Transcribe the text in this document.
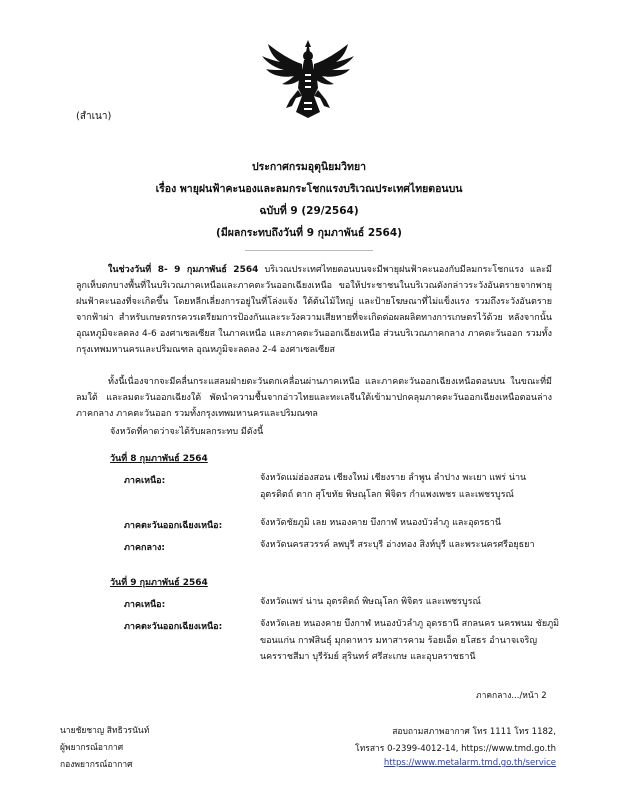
(สำเนา)
ประกาศกรมอุตุนิยมวิทยา
เรื่อง พายุฝนฟ้าคะนองและลมกระโชกแรงบริเวณประเทศไทยตอนบน
ฉบับที่ 9 (29/2564)
(มีผลกระทบถึงวันที่ 9 กุมภาพันธ์ 2564)
ในช่วงวันที่ 8- 9 กุมภาพันธ์ 2564 บริเวณประเทศไทยตอนบนจะมีพายุฝนฟ้าคะนองกับมีลมกระโชกแรง และมีลูกเห็บตกบางพื้นที่ในบริเวณภาคเหนือและภาคตะวันออกเฉียงเหนือ ขอให้ประชาชนในบริเวณดังกล่าวระวังอันตรายจากพายุฝนฟ้าคะนองที่จะเกิดขึ้น โดยหลีกเลี่ยงการอยู่ในที่โล่งแจ้ง ใต้ต้นไม้ใหญ่ และป้ายโฆษณาที่ไม่แข็งแรง รวมถึงระวังอันตรายจากฟ้าผ่า สำหรับเกษตรกรควรเตรียมการป้องกันและระวังความเสียหายที่จะเกิดต่อผลผลิตทางการเกษตรไว้ด้วย หลังจากนั้นอุณหภูมิจะลดลง 4-6 องศาเซลเซียส ในภาคเหนือ และภาคตะวันออกเฉียงเหนือ ส่วนบริเวณภาคกลาง ภาคตะวันออก รวมทั้งกรุงเทพมหานครและปริมณฑล อุณหภูมิจะลดลง 2-4 องศาเซลเซียส
ทั้งนี้เนื่องจากจะมีคลื่นกระแสลมฝ่ายตะวันตกเคลื่อนผ่านภาคเหนือ และภาคตะวันออกเฉียงเหนือตอนบน ในขณะที่มีลมใต้ และลมตะวันออกเฉียงใต้ พัดนำความชื้นจากอ่าวไทยและทะเลจีนใต้เข้ามาปกคลุมภาคตะวันออกเฉียงเหนือตอนล่าง ภาคกลาง ภาคตะวันออก รวมทั้งกรุงเทพมหานครและปริมณฑล
จังหวัดที่คาดว่าจะได้รับผลกระทบ มีดังนี้
วันที่ 8 กุมภาพันธ์ 2564
ภาคเหนือ:	จังหวัดแม่ฮ่องสอน เชียงใหม่ เชียงราย ลำพูน ลำปาง พะเยา แพร่ น่าน อุตรดิตถ์ ตาก สุโขทัย พิษณุโลก พิจิตร กำแพงเพชร และเพชรบูรณ์
ภาคตะวันออกเฉียงเหนือ:	จังหวัดชัยภูมิ เลย หนองคาย บึงกาฬ หนองบัวลำภู และอุดรธานี
ภาคกลาง:	จังหวัดนครสวรรค์ ลพบุรี สระบุรี อ่างทอง สิงห์บุรี และพระนครศรีอยุธยา
วันที่ 9 กุมภาพันธ์ 2564
ภาคเหนือ:	จังหวัดแพร่ น่าน อุตรดิตถ์ พิษณุโลก พิจิตร และเพชรบูรณ์
ภาคตะวันออกเฉียงเหนือ:	จังหวัดเลย หนองคาย บึงกาฬ หนองบัวลำภู อุดรธานี สกลนคร นครพนม ชัยภูมิ ขอนแก่น กาฬสินธุ์ มุกดาหาร มหาสารคาม ร้อยเอ็ด ยโสธร อำนาจเจริญ นครราชสีมา บุรีรัมย์ สุรินทร์ ศรีสะเกษ และอุบลราชธานี
ภาคกลาง.../หน้า 2
นายชัยชาญ สิทธิวรนันท์
ผู้พยากรณ์อากาศ
กองพยากรณ์อากาศ
สอบถามสภาพอากาศ โทร 1111 โทร 1182,
โทรสาร 0-2399-4012-14, https://www.tmd.go.th
https://www.metalarm.tmd.go.th/service
